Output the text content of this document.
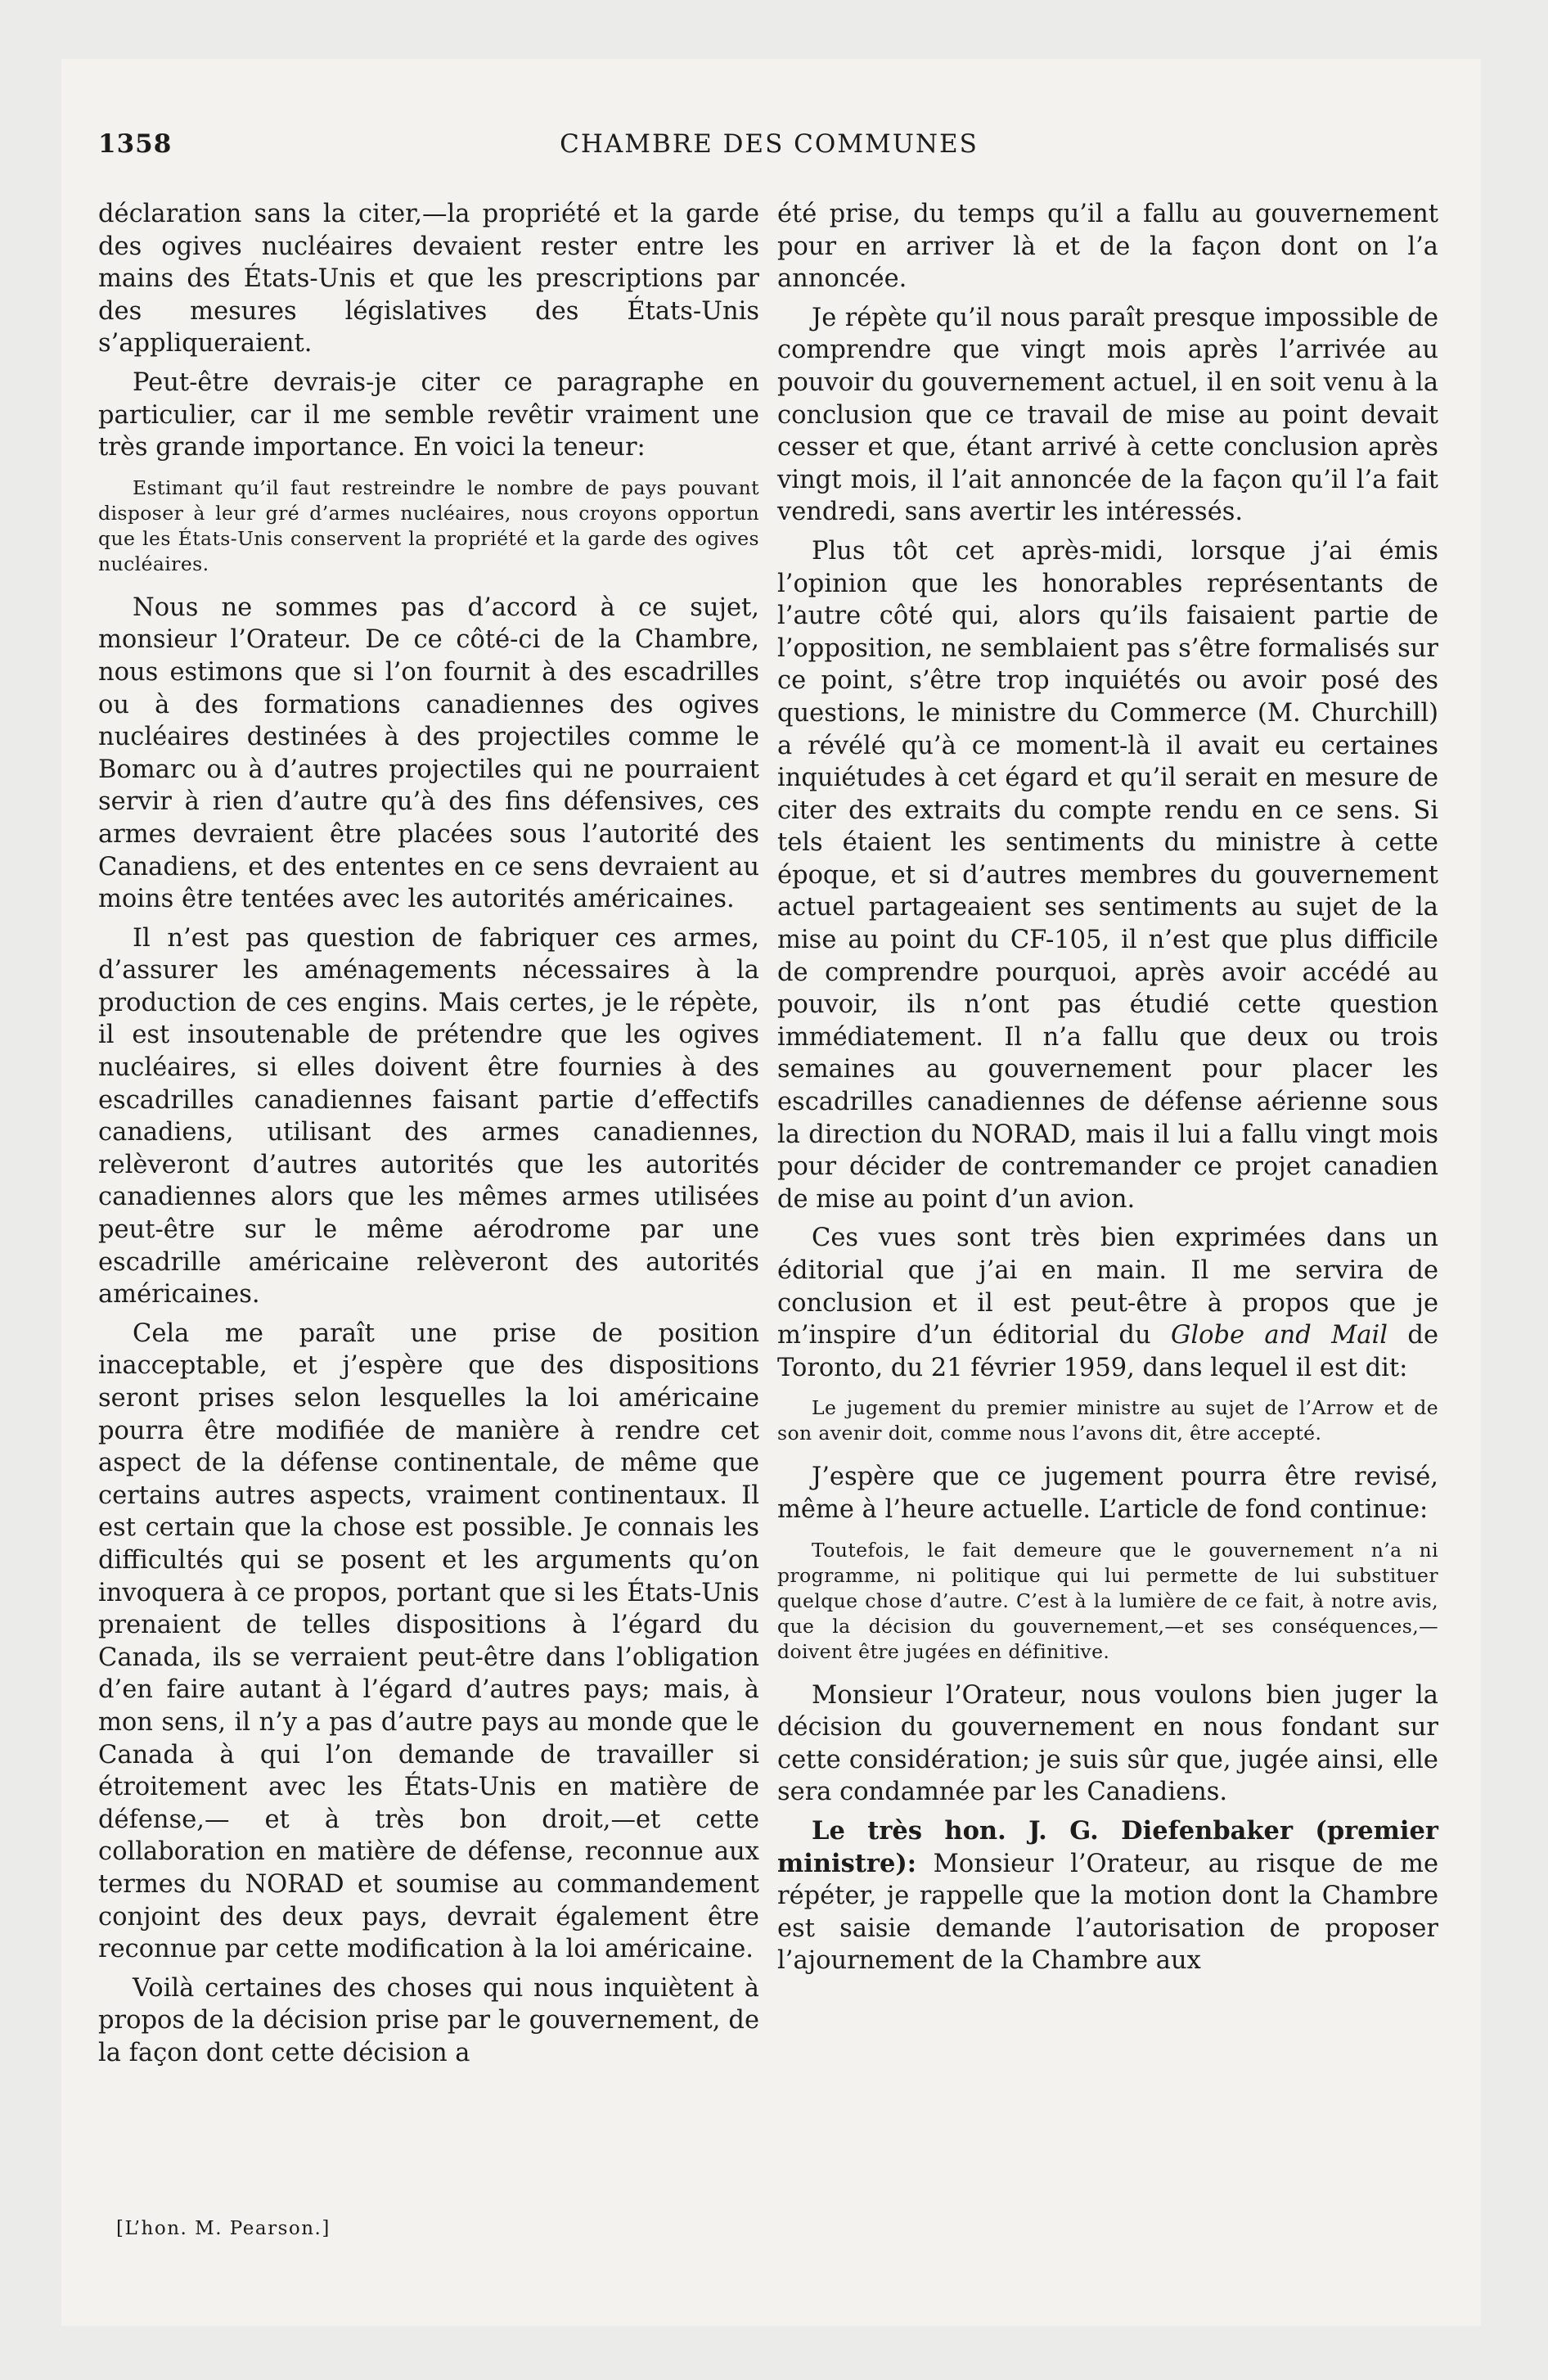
1358	CHAMBRE DES COMMUNES

déclaration sans la citer,—la propriété et la garde des ogives nucléaires devaient rester entre les mains des États-Unis et que les prescriptions par des mesures législatives des États-Unis s’appliqueraient.

Peut-être devrais-je citer ce paragraphe en particulier, car il me semble revêtir vraiment une très grande importance. En voici la teneur:

Estimant qu’il faut restreindre le nombre de pays pouvant disposer à leur gré d’armes nucléaires, nous croyons opportun que les États-Unis conservent la propriété et la garde des ogives nucléaires.

Nous ne sommes pas d’accord à ce sujet, monsieur l’Orateur. De ce côté-ci de la Chambre, nous estimons que si l’on fournit à des escadrilles ou à des formations canadiennes des ogives nucléaires destinées à des projectiles comme le Bomarc ou à d’autres projectiles qui ne pourraient servir à rien d’autre qu’à des fins défensives, ces armes devraient être placées sous l’autorité des Canadiens, et des ententes en ce sens devraient au moins être tentées avec les autorités américaines.

Il n’est pas question de fabriquer ces armes, d’assurer les aménagements nécessaires à la production de ces engins. Mais certes, je le répète, il est insoutenable de prétendre que les ogives nucléaires, si elles doivent être fournies à des escadrilles canadiennes faisant partie d’effectifs canadiens, utilisant des armes canadiennes, relèveront d’autres autorités que les autorités canadiennes alors que les mêmes armes utilisées peut-être sur le même aérodrome par une escadrille américaine relèveront des autorités américaines.

Cela me paraît une prise de position inacceptable, et j’espère que des dispositions seront prises selon lesquelles la loi américaine pourra être modifiée de manière à rendre cet aspect de la défense continentale, de même que certains autres aspects, vraiment continentaux. Il est certain que la chose est possible. Je connais les difficultés qui se posent et les arguments qu’on invoquera à ce propos, portant que si les États-Unis prenaient de telles dispositions à l’égard du Canada, ils se verraient peut-être dans l’obligation d’en faire autant à l’égard d’autres pays; mais, à mon sens, il n’y a pas d’autre pays au monde que le Canada à qui l’on demande de travailler si étroitement avec les États-Unis en matière de défense,— et à très bon droit,—et cette collaboration en matière de défense, reconnue aux termes du NORAD et soumise au commandement conjoint des deux pays, devrait également être reconnue par cette modification à la loi américaine.

Voilà certaines des choses qui nous inquiètent à propos de la décision prise par le gouvernement, de la façon dont cette décision a

été prise, du temps qu’il a fallu au gouvernement pour en arriver là et de la façon dont on l’a annoncée.

Je répète qu’il nous paraît presque impossible de comprendre que vingt mois après l’arrivée au pouvoir du gouvernement actuel, il en soit venu à la conclusion que ce travail de mise au point devait cesser et que, étant arrivé à cette conclusion après vingt mois, il l’ait annoncée de la façon qu’il l’a fait vendredi, sans avertir les intéressés.

Plus tôt cet après-midi, lorsque j’ai émis l’opinion que les honorables représentants de l’autre côté qui, alors qu’ils faisaient partie de l’opposition, ne semblaient pas s’être formalisés sur ce point, s’être trop inquiétés ou avoir posé des questions, le ministre du Commerce (M. Churchill) a révélé qu’à ce moment-là il avait eu certaines inquiétudes à cet égard et qu’il serait en mesure de citer des extraits du compte rendu en ce sens. Si tels étaient les sentiments du ministre à cette époque, et si d’autres membres du gouvernement actuel partageaient ses sentiments au sujet de la mise au point du CF-105, il n’est que plus difficile de comprendre pourquoi, après avoir accédé au pouvoir, ils n’ont pas étudié cette question immédiatement. Il n’a fallu que deux ou trois semaines au gouvernement pour placer les escadrilles canadiennes de défense aérienne sous la direction du NORAD, mais il lui a fallu vingt mois pour décider de contremander ce projet canadien de mise au point d’un avion.

Ces vues sont très bien exprimées dans un éditorial que j’ai en main. Il me servira de conclusion et il est peut-être à propos que je m’inspire d’un éditorial du Globe and Mail de Toronto, du 21 février 1959, dans lequel il est dit:

Le jugement du premier ministre au sujet de l’Arrow et de son avenir doit, comme nous l’avons dit, être accepté.

J’espère que ce jugement pourra être revisé, même à l’heure actuelle. L’article de fond continue:

Toutefois, le fait demeure que le gouvernement n’a ni programme, ni politique qui lui permette de lui substituer quelque chose d’autre. C’est à la lumière de ce fait, à notre avis, que la décision du gouvernement,—et ses conséquences,—doivent être jugées en définitive.

Monsieur l’Orateur, nous voulons bien juger la décision du gouvernement en nous fondant sur cette considération; je suis sûr que, jugée ainsi, elle sera condamnée par les Canadiens.

Le très hon. J. G. Diefenbaker (premier ministre): Monsieur l’Orateur, au risque de me répéter, je rappelle que la motion dont la Chambre est saisie demande l’autorisation de proposer l’ajournement de la Chambre aux

[L’hon. M. Pearson.]
